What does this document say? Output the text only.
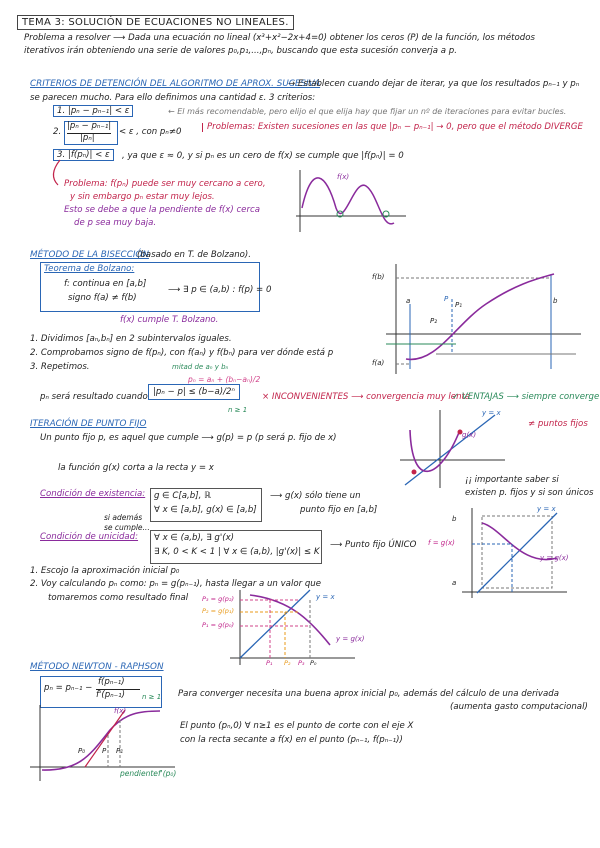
TEMA 3: SOLUCIÓN DE ECUACIONES NO LINEALES.
Problema a resolver ⟶ Dada una ecuación no lineal (x³+x²−2x+4=0) obtener los ceros (P) de la función, los métodos
iterativos irán obteniendo una serie de valores p₀,p₁,...,pₙ, buscando que esta sucesión converja a p.
CRITERIOS DE DETENCIÓN DEL ALGORITMO DE APROX. SUCESIVA
→ Establecen cuando dejar de iterar, ya que los resultados pₙ₋₁ y pₙ
se parecen mucho. Para ello definimos una cantidad ε. 3 criterios:
1. |pₙ − pₙ₋₁| < ε	← El más recomendable, pero elijo el que elija hay que fijar un nº de iteraciones para evitar bucles.
2.
|pₙ − pₙ₋₁|
|pₙ|
< ε , con pₙ≠0	Problemas: Existen sucesiones en las que |pₙ − pₙ₋₁| → 0, pero que el método DIVERGE
3. |f(pₙ)| < ε	, ya que ε ≈ 0, y si pₙ es un cero de f(x) se cumple que |f(pₙ)| = 0
Problema: f(pₙ) puede ser muy cercano a cero,
y sin embargo pₙ estar muy lejos.
Esto se debe a que la pendiente de f(x) cerca
de p sea muy baja.
f(x)
MÉTODO DE LA BISECCIÓN
(basado en T. de Bolzano).
Teorema de Bolzano:
f: continua en [a,b]
signo f(a) ≠ f(b)
⟶ ∃ p ∈ (a,b) : f(p) = 0
f(x) cumple T. Bolzano.
1. Dividimos [aₙ,bₙ] en 2 subintervalos iguales.
2. Comprobamos signo de f(pₙ), con f(aₙ) y f(bₙ) para ver dónde está p
3. Repetimos.
pₙ = aₙ + (bₙ−aₙ)/2
mitad de aₙ y bₙ
pₙ será resultado cuando |pₙ − p| ≤ (b−a)/2ⁿ
n ≥ 1
× INCONVENIENTES ⟶ convergencia muy lenta
✓ VENTAJAS ⟶ siempre converge
f(b)
f(a)
a	b
P
P₁
P₂
ITERACIÓN DE PUNTO FIJO
Un punto fijo p, es aquel que cumple ⟶ g(p) = p (p será p. fijo de x)
la función g(x) corta a la recta y = x
≠ puntos fijos
y = x
g(x)
¡¡ importante saber si
existen p. fijos y si son únicos
Condición de existencia: g ∈ C[a,b], ℝ
∀ x ∈ [a,b], g(x) ∈ [a,b]
⟶ g(x) sólo tiene un
punto fijo en [a,b]
si además
se cumple...
Condición de unicidad: ∀ x ∈ (a,b), ∃ g'(x)
∃ K, 0 < K < 1 | ∀ x ∈ (a,b), |g'(x)| ≤ K
⟶ Punto fijo ÚNICO
1. Escojo la aproximación inicial p₀
2. Voy calculando pₙ como: pₙ = g(pₙ₋₁), hasta llegar a un valor que
tomaremos como resultado final
b
a
y = x
y = g(x)
f = g(x)
P₃ = g(p₂)
P₂ = g(p₁)
P₁ = g(p₀)
y = x
y = g(x)
P₁ P₂ P₃ P₀
MÉTODO NEWTON - RAPHSON
pₙ = pₙ₋₁ −
f(pₙ₋₁)
f'(pₙ₋₁) n ≥ 1 Para converger necesita una buena aprox inicial p₀, además del cálculo de una derivada
(aumenta gasto computacional)
El punto (pₙ,0) ∀ n≥1 es el punto de corte con el eje X
con la recta secante a f(x) en el punto (pₙ₋₁, f(pₙ₋₁))
f(x)
P₀	P₁
P
pendiente f'(p₀)
